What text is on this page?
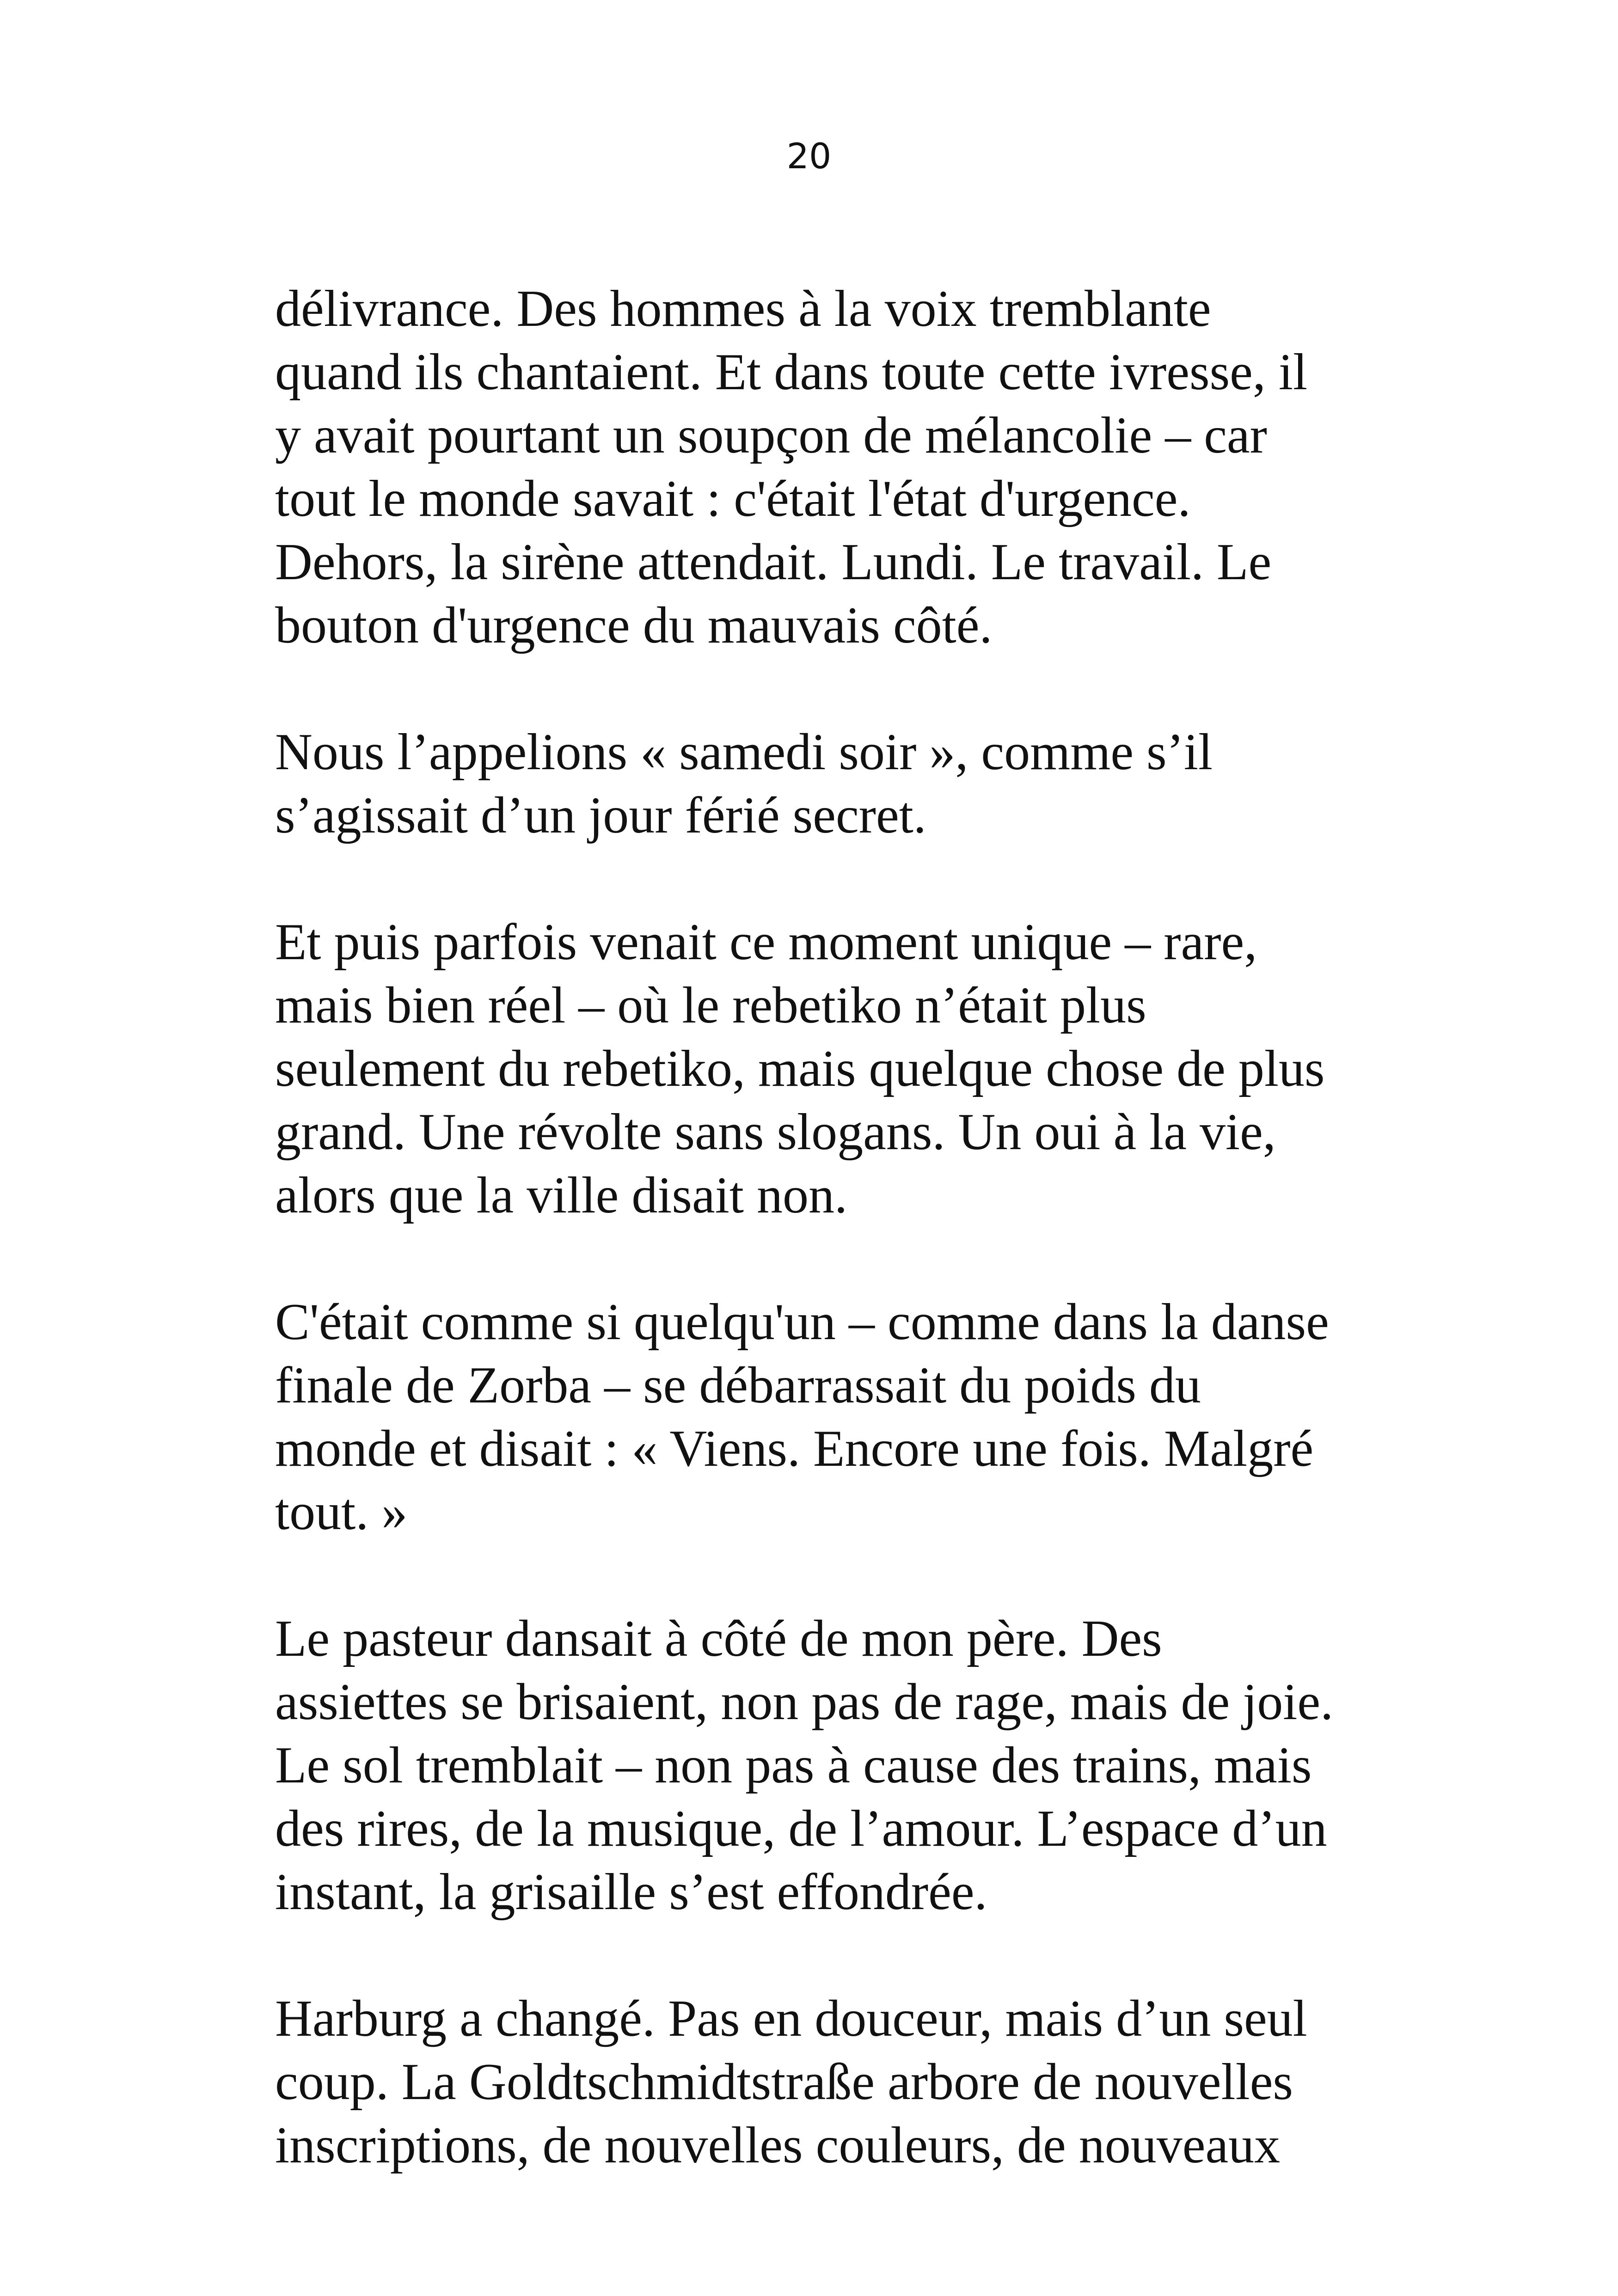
20

délivrance. Des hommes à la voix tremblante
quand ils chantaient. Et dans toute cette ivresse, il
y avait pourtant un soupçon de mélancolie – car
tout le monde savait : c'était l'état d'urgence.
Dehors, la sirène attendait. Lundi. Le travail. Le
bouton d'urgence du mauvais côté.

Nous l’appelions « samedi soir », comme s’il
s’agissait d’un jour férié secret.

Et puis parfois venait ce moment unique – rare,
mais bien réel – où le rebetiko n’était plus
seulement du rebetiko, mais quelque chose de plus
grand. Une révolte sans slogans. Un oui à la vie,
alors que la ville disait non.

C'était comme si quelqu'un – comme dans la danse
finale de Zorba – se débarrassait du poids du
monde et disait : « Viens. Encore une fois. Malgré
tout. »

Le pasteur dansait à côté de mon père. Des
assiettes se brisaient, non pas de rage, mais de joie.
Le sol tremblait – non pas à cause des trains, mais
des rires, de la musique, de l’amour. L’espace d’un
instant, la grisaille s’est effondrée.

Harburg a changé. Pas en douceur, mais d’un seul
coup. La Goldtschmidtstraße arbore de nouvelles
inscriptions, de nouvelles couleurs, de nouveaux
